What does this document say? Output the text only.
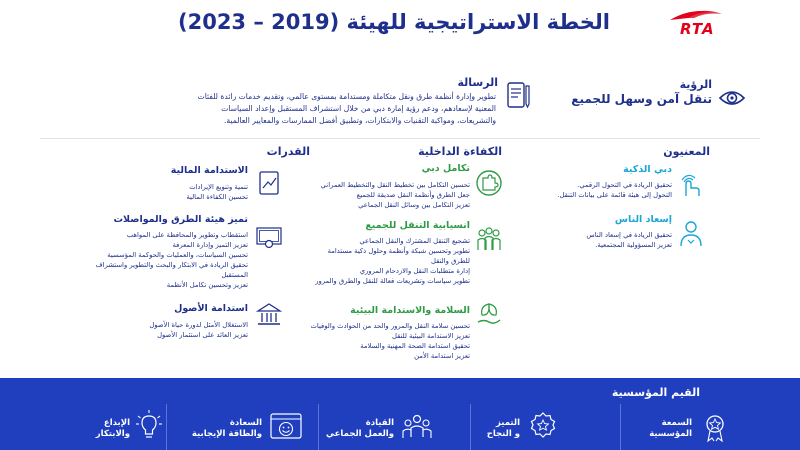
الخطة الاستراتيجية للهيئة (2019 – 2023)	RTA
الرؤية
تنقل آمن وسهل للجميع
الرسالة
تطوير وإدارة أنظمة طرق ونقل متكاملة ومستدامة بمستوى عالمي، وتقديم خدمات رائدة للفئات
المعنية لإسعادهم، ودعم رؤية إمارة دبي من خلال استشراف المستقبل وإعداد السياسات
والتشريعات، ومواكبة التقنيات والابتكارات، وتطبيق أفضل الممارسات والمعايير العالمية.
المعنيون
دبي الذكية
تحقيق الريادة في التحول الرقمي.
التحول إلى هيئة قائمة على بيانات التنقل.
إسعاد الناس
تحقيق الريادة في إسعاد الناس
تعزيز المسؤولية المجتمعية.
الكفاءة الداخلية
تكامل دبي
تحسين التكامل بين تخطيط النقل والتخطيط العمراني
جعل الطرق وأنظمة النقل صديقة للجميع
تعزيز التكامل بين وسائل النقل الجماعي
انسيابية التنقل للجميع
تشجيع التنقل المشترك والنقل الجماعي
تطوير وتحسين شبكة وأنظمة وحلول ذكية مستدامة
للطرق والنقل
إدارة متطلبات النقل والازدحام المروري
تطوير سياسات وتشريعات فعالة للنقل والطرق والمرور
السلامة والاستدامة البيئية
تحسين سلامة النقل والمرور والحد من الحوادث والوفيات
تعزيز الاستدامة البيئية للنقل
تحقيق استدامة الصحة المهنية والسلامة
تعزيز استدامة الأمن
القدرات
الاستدامة المالية
تنمية وتنويع الإيرادات
تحسين الكفاءة المالية
تميز هيئة الطرق والمواصلات
استقطاب وتطوير والمحافظة على المواهب
تعزيز التميز وإدارة المعرفة
تحسين السياسات، والعمليات والحوكمة المؤسسية
تحقيق الريادة في الابتكار والبحث والتطوير واستشراف
المستقبل
تعزيز وتحسين تكامل الأنظمة
استدامة الأصول
الاستغلال الأمثل لدورة حياة الأصول
تعزيز العائد على استثمار الأصول
القيم المؤسسية
السمعة
المؤسسية
التميز
و النجاح
القيادة
والعمل الجماعي
السعادة
والطاقة الإيجابية
الإبداع
والابتكار
